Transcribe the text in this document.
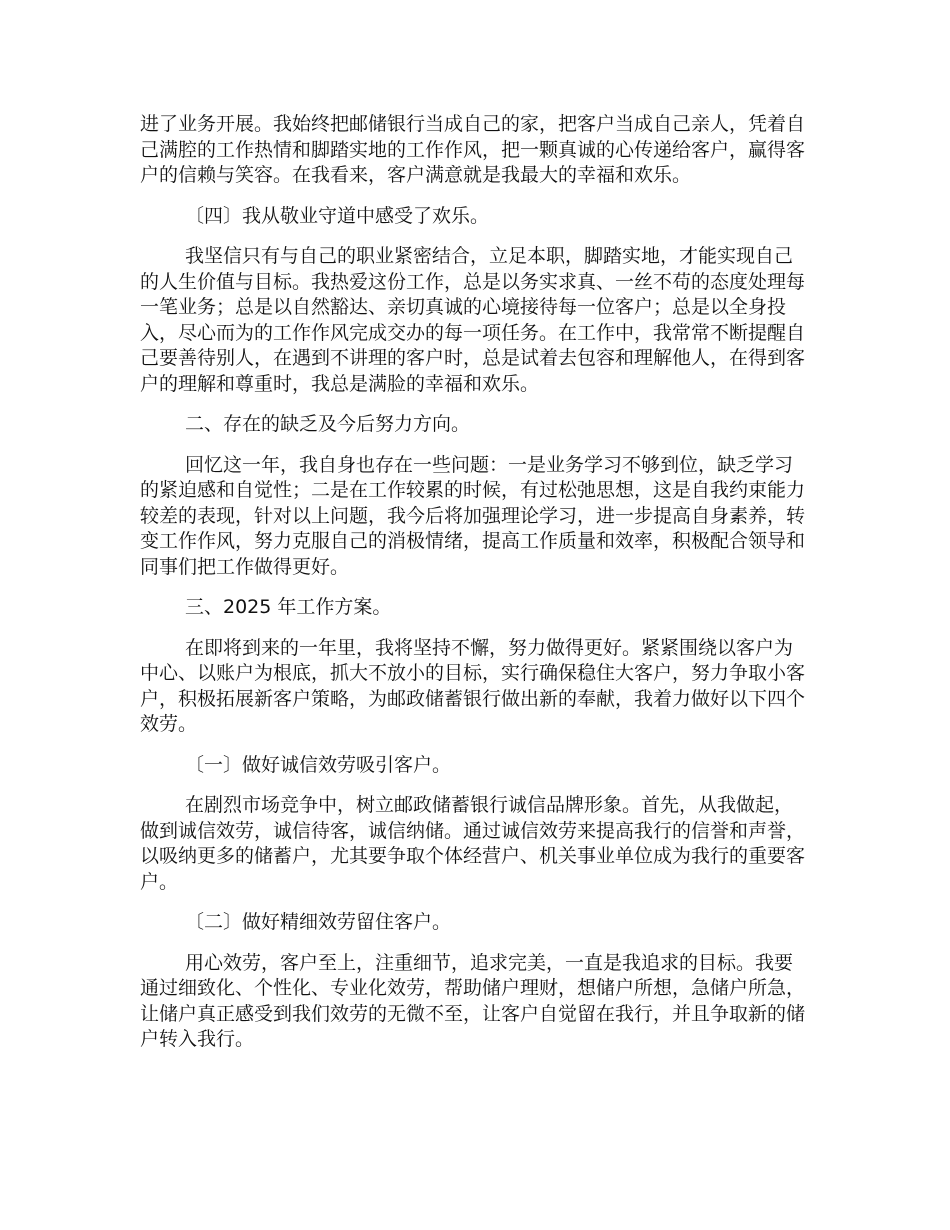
进了业务开展。我始终把邮储银行当成自己的家，把客户当成自己亲人，凭着自己满腔的工作热情和脚踏实地的工作作风，把一颗真诚的心传递给客户，赢得客户的信赖与笑容。在我看来，客户满意就是我最大的幸福和欢乐。

〔四〕我从敬业守道中感受了欢乐。

我坚信只有与自己的职业紧密结合，立足本职，脚踏实地，才能实现自己的人生价值与目标。我热爱这份工作，总是以务实求真、一丝不苟的态度处理每一笔业务；总是以自然豁达、亲切真诚的心境接待每一位客户；总是以全身投入，尽心而为的工作作风完成交办的每一项任务。在工作中，我常常不断提醒自己要善待别人，在遇到不讲理的客户时，总是试着去包容和理解他人，在得到客户的理解和尊重时，我总是满脸的幸福和欢乐。

二、存在的缺乏及今后努力方向。

回忆这一年，我自身也存在一些问题：一是业务学习不够到位，缺乏学习的紧迫感和自觉性；二是在工作较累的时候，有过松弛思想，这是自我约束能力较差的表现，针对以上问题，我今后将加强理论学习，进一步提高自身素养，转变工作作风，努力克服自己的消极情绪，提高工作质量和效率，积极配合领导和同事们把工作做得更好。

三、2025 年工作方案。

在即将到来的一年里，我将坚持不懈，努力做得更好。紧紧围绕以客户为中心、以账户为根底，抓大不放小的目标，实行确保稳住大客户，努力争取小客户，积极拓展新客户策略，为邮政储蓄银行做出新的奉献，我着力做好以下四个效劳。

〔一〕做好诚信效劳吸引客户。

在剧烈市场竞争中，树立邮政储蓄银行诚信品牌形象。首先，从我做起，做到诚信效劳，诚信待客，诚信纳储。通过诚信效劳来提高我行的信誉和声誉，以吸纳更多的储蓄户，尤其要争取个体经营户、机关事业单位成为我行的重要客户。

〔二〕做好精细效劳留住客户。

用心效劳，客户至上，注重细节，追求完美，一直是我追求的目标。我要通过细致化、个性化、专业化效劳，帮助储户理财，想储户所想，急储户所急，让储户真正感受到我们效劳的无微不至，让客户自觉留在我行，并且争取新的储户转入我行。
